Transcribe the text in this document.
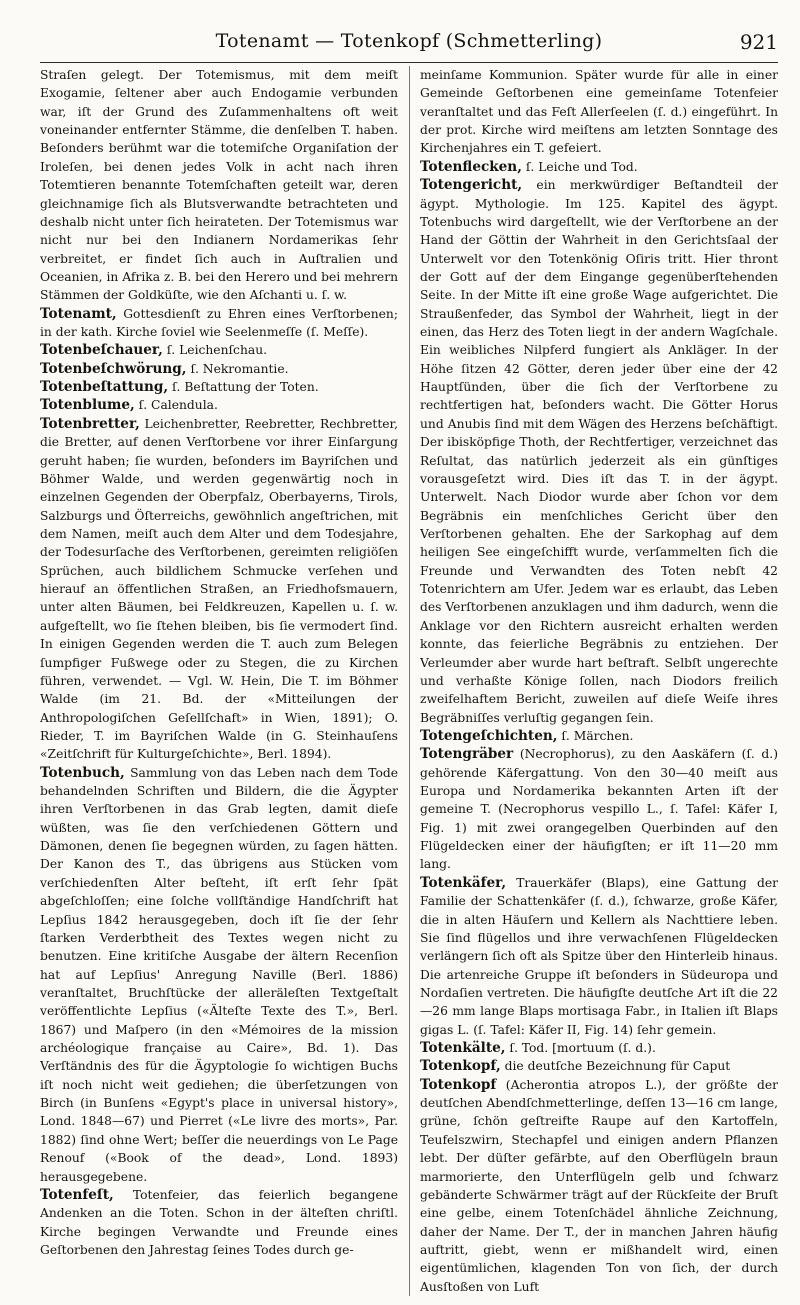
Totenamt — Totenkopf (Schmetterling)	921

Straſen gelegt. Der Totemismus, mit dem meiſt Exogamie, ſeltener aber auch Endogamie verbunden war, iſt der Grund des Zuſammenhaltens oft weit voneinander entfernter Stämme, die denſelben T. haben. Beſonders berühmt war die totemiſche Organiſation der Iroleſen, bei denen jedes Volk in acht nach ihren Totemtieren benannte Totemſchaften geteilt war, deren gleichnamige ſich als Blutsverwandte betrachteten und deshalb nicht unter ſich heirateten. Der Totemismus war nicht nur bei den Indianern Nordamerikas ſehr verbreitet, er findet ſich auch in Auſtralien und Oceanien, in Afrika z. B. bei den Herero und bei mehrern Stämmen der Goldküſte, wie den Aſchanti u. ſ. w.

Totenamt, Gottesdienſt zu Ehren eines Verſtorbenen; in der kath. Kirche ſoviel wie Seelenmeſſe (ſ. Meſſe).

Totenbeſchauer, ſ. Leichenſchau.

Totenbeſchwörung, ſ. Nekromantie.

Totenbeſtattung, ſ. Beſtattung der Toten.

Totenblume, ſ. Calendula.

Totenbretter, Leichenbretter, Reebretter, Rechbretter, die Bretter, auf denen Verſtorbene vor ihrer Einſargung geruht haben; ſie wurden, beſonders im Bayriſchen und Böhmer Walde, und werden gegenwärtig noch in einzelnen Gegenden der Oberpfalz, Oberbayerns, Tirols, Salzburgs und Öſterreichs, gewöhnlich angeſtrichen, mit dem Namen, meiſt auch dem Alter und dem Todesjahre, der Todesurſache des Verſtorbenen, gereimten religiöſen Sprüchen, auch bildlichem Schmucke verſehen und hierauf an öffentlichen Straßen, an Friedhofsmauern, unter alten Bäumen, bei Feldkreuzen, Kapellen u. ſ. w. aufgeſtellt, wo ſie ſtehen bleiben, bis ſie vermodert ſind. In einigen Gegenden werden die T. auch zum Belegen ſumpfiger Fußwege oder zu Stegen, die zu Kirchen führen, verwendet. — Vgl. W. Hein, Die T. im Böhmer Walde (im 21. Bd. der «Mitteilungen der Anthropologiſchen Geſellſchaft» in Wien, 1891); O. Rieder, T. im Bayriſchen Walde (in G. Steinhauſens «Zeitſchrift für Kulturgeſchichte», Berl. 1894).

Totenbuch, Sammlung von das Leben nach dem Tode behandelnden Schriften und Bildern, die die Ägypter ihren Verſtorbenen in das Grab legten, damit dieſe wüßten, was ſie den verſchiedenen Göttern und Dämonen, denen ſie begegnen würden, zu ſagen hätten. Der Kanon des T., das übrigens aus Stücken vom verſchiedenſten Alter beſteht, iſt erſt ſehr ſpät abgeſchloſſen; eine ſolche vollſtändige Handſchrift hat Lepſius 1842 herausgegeben, doch iſt ſie der ſehr ſtarken Verderbtheit des Textes wegen nicht zu benutzen. Eine kritiſche Ausgabe der ältern Recenſion hat auf Lepſius' Anregung Naville (Berl. 1886) veranſtaltet, Bruchſtücke der alleräleſten Textgeſtalt veröffentlichte Lepſius («Älteſte Texte des T.», Berl. 1867) und Maſpero (in den «Mémoires de la mission archéologique française au Caire», Bd. 1). Das Verſtändnis des für die Ägyptologie ſo wichtigen Buchs iſt noch nicht weit gediehen; die überſetzungen von Birch (in Bunſens «Egypt's place in universal history», Lond. 1848—67) und Pierret («Le livre des morts», Par. 1882) ſind ohne Wert; beſſer die neuerdings von Le Page Renouf («Book of the dead», Lond. 1893) herausgegebene.

Totenfeſt, Totenfeier, das feierlich begangene Andenken an die Toten. Schon in der älteſten chriſtl. Kirche begingen Verwandte und Freunde eines Geſtorbenen den Jahrestag ſeines Todes durch ge-

meinſame Kommunion. Später wurde für alle in einer Gemeinde Geſtorbenen eine gemeinſame Totenfeier veranſtaltet und das Feſt Allerſeelen (ſ. d.) eingeführt. In der prot. Kirche wird meiſtens am letzten Sonntage des Kirchenjahres ein T. gefeiert.

Totenflecken, ſ. Leiche und Tod.

Totengericht, ein merkwürdiger Beſtandteil der ägypt. Mythologie. Im 125. Kapitel des ägypt. Totenbuchs wird dargeſtellt, wie der Verſtorbene an der Hand der Göttin der Wahrheit in den Gerichtsſaal der Unterwelt vor den Totenkönig Oſiris tritt. Hier thront der Gott auf der dem Eingange gegenüberſtehenden Seite. In der Mitte iſt eine große Wage aufgerichtet. Die Straußenfeder, das Symbol der Wahrheit, liegt in der einen, das Herz des Toten liegt in der andern Wagſchale. Ein weibliches Nilpferd fungiert als Ankläger. In der Höhe ſitzen 42 Götter, deren jeder über eine der 42 Hauptſünden, über die ſich der Verſtorbene zu rechtfertigen hat, beſonders wacht. Die Götter Horus und Anubis ſind mit dem Wägen des Herzens beſchäftigt. Der ibisköpfige Thoth, der Rechtfertiger, verzeichnet das Reſultat, das natürlich jederzeit als ein günſtiges vorausgeſetzt wird. Dies iſt das T. in der ägypt. Unterwelt. Nach Diodor wurde aber ſchon vor dem Begräbnis ein menſchliches Gericht über den Verſtorbenen gehalten. Ehe der Sarkophag auf dem heiligen See eingeſchifft wurde, verſammelten ſich die Freunde und Verwandten des Toten nebſt 42 Totenrichtern am Ufer. Jedem war es erlaubt, das Leben des Verſtorbenen anzuklagen und ihm dadurch, wenn die Anklage vor den Richtern ausreicht erhalten werden konnte, das feierliche Begräbnis zu entziehen. Der Verleumder aber wurde hart beſtraft. Selbſt ungerechte und verhaßte Könige ſollen, nach Diodors freilich zweifelhaftem Bericht, zuweilen auf dieſe Weiſe ihres Begräbniſſes verluſtig gegangen ſein.

Totengeſchichten, ſ. Märchen.

Totengräber (Necrophorus), zu den Aaskäfern (ſ. d.) gehörende Käfergattung. Von den 30—40 meiſt aus Europa und Nordamerika bekannten Arten iſt der gemeine T. (Necrophorus vespillo L., ſ. Tafel: Käfer I, Fig. 1) mit zwei orangegelben Querbinden auf den Flügeldecken einer der häufigſten; er iſt 11—20 mm lang.

Totenkäfer, Trauerkäfer (Blaps), eine Gattung der Familie der Schattenkäfer (ſ. d.), ſchwarze, große Käfer, die in alten Häuſern und Kellern als Nachttiere leben. Sie ſind flügellos und ihre verwachſenen Flügeldecken verlängern ſich oft als Spitze über den Hinterleib hinaus. Die artenreiche Gruppe iſt beſonders in Südeuropa und Nordaſien vertreten. Die häufigſte deutſche Art iſt die 22—26 mm lange Blaps mortisaga Fabr., in Italien iſt Blaps gigas L. (ſ. Tafel: Käfer II, Fig. 14) ſehr gemein.

Totenkälte, ſ. Tod. [mortuum (ſ. d.).

Totenkopf, die deutſche Bezeichnung für Caput

Totenkopf (Acherontia atropos L.), der größte der deutſchen Abendſchmetterlinge, deſſen 13—16 cm lange, grüne, ſchön geſtreifte Raupe auf den Kartoffeln, Teufelszwirn, Stechapfel und einigen andern Pflanzen lebt. Der düſter gefärbte, auf den Oberflügeln braun marmorierte, den Unterflügeln gelb und ſchwarz gebänderte Schwärmer trägt auf der Rückſeite der Bruſt eine gelbe, einem Totenſchädel ähnliche Zeichnung, daher der Name. Der T., der in manchen Jahren häufig auftritt, giebt, wenn er mißhandelt wird, einen eigentümlichen, klagenden Ton von ſich, der durch Ausſtoßen von Luft
